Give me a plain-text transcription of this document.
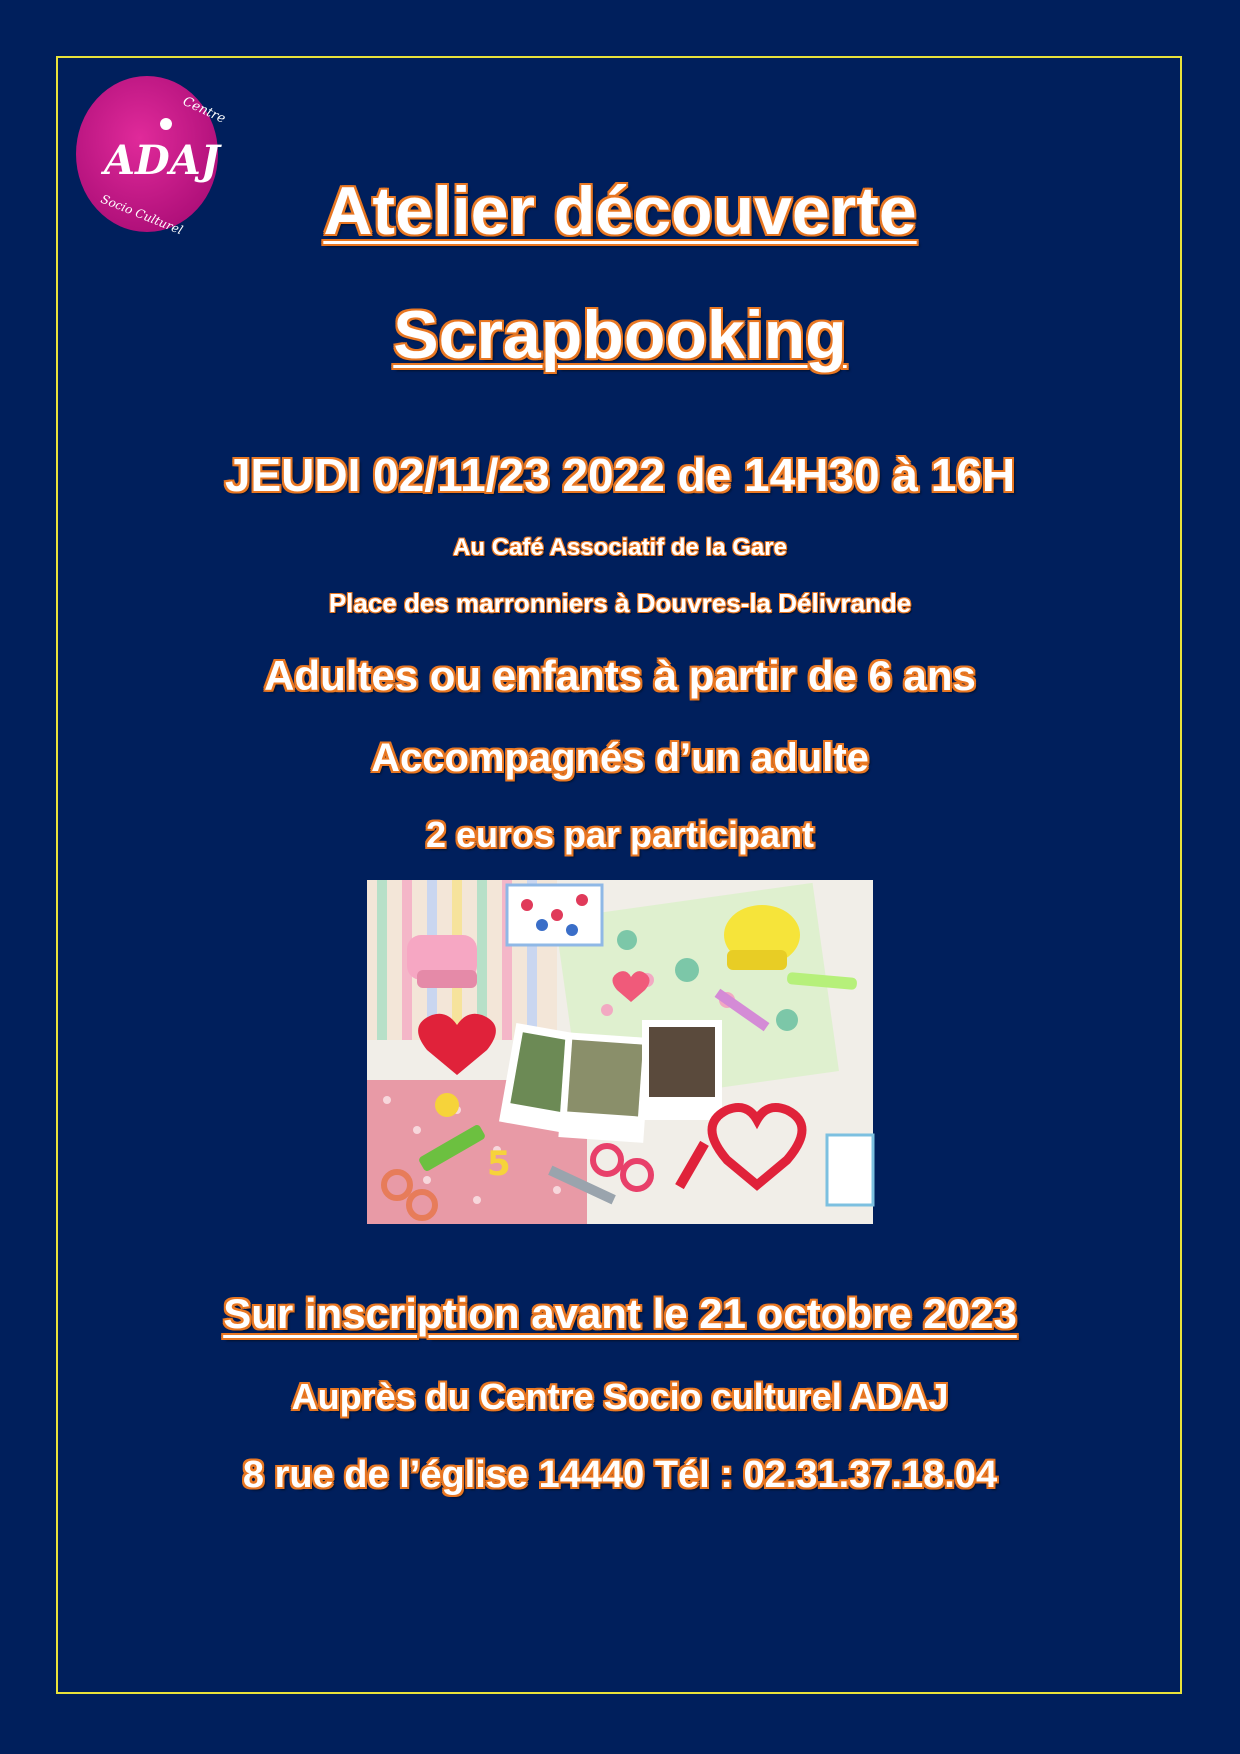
Centre
ADAJ
Socio Culturel	Atelier découverte
Scrapbooking
JEUDI 02/11/23 2022 de 14H30 à 16H
Au Café Associatif de la Gare
Place des marronniers à Douvres-la Délivrande
Adultes ou enfants à partir de 6 ans
Accompagnés d’un adulte
2 euros par participant
5
Sur inscription avant le 21 octobre 2023
Auprès du Centre Socio culturel ADAJ
8 rue de l’église 14440 Tél : 02.31.37.18.04
